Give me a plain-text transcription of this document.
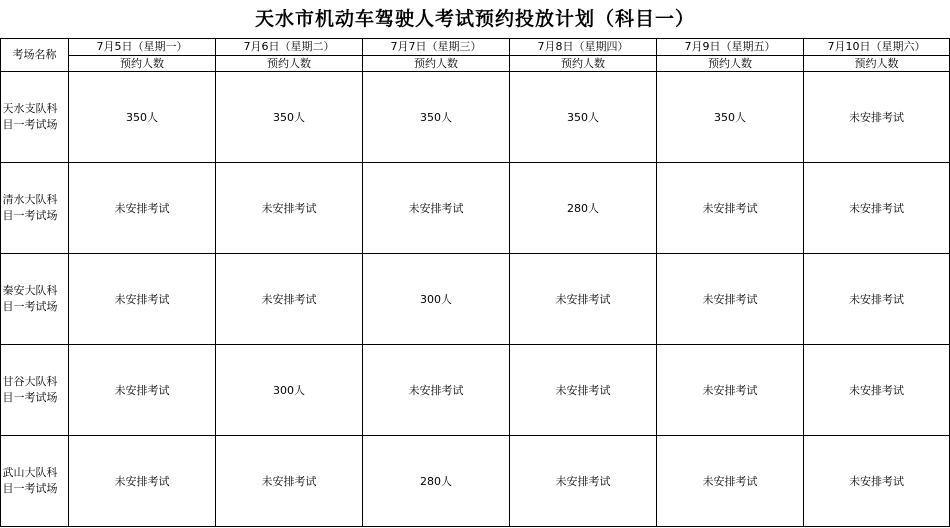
天水市机动车驾驶人考试预约投放计划（科目一）
考场名称	7月5日（星期一）	7月6日（星期二）	7月7日（星期三）	7月8日（星期四）	7月9日（星期五）	7月10日（星期六）
	预约人数	预约人数	预约人数	预约人数	预约人数	预约人数

天水支队科目一考试场	350人	350人	350人	350人	350人	未安排考试

清水大队科目一考试场	未安排考试	未安排考试	未安排考试	280人	未安排考试	未安排考试

秦安大队科目一考试场	未安排考试	未安排考试	300人	未安排考试	未安排考试	未安排考试

甘谷大队科目一考试场	未安排考试	300人	未安排考试	未安排考试	未安排考试	未安排考试

武山大队科目一考试场	未安排考试	未安排考试	280人	未安排考试	未安排考试	未安排考试
